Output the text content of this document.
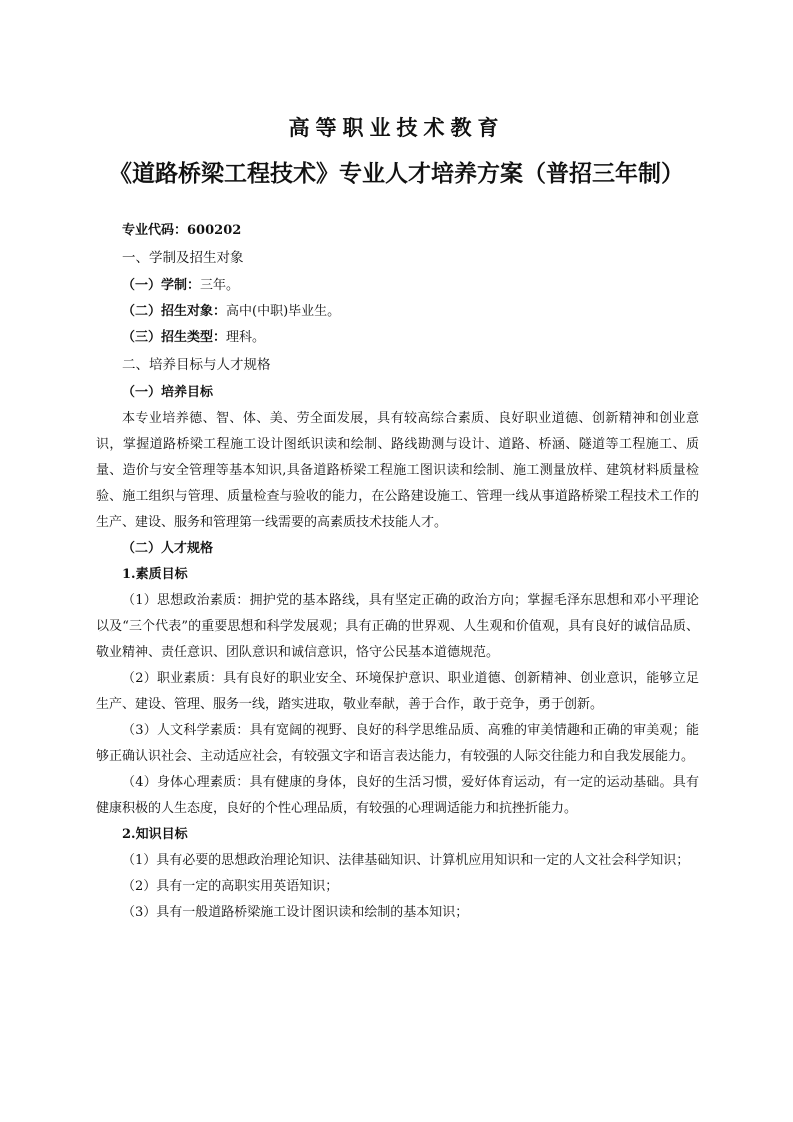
高等职业技术教育
《道路桥梁工程技术》专业人才培养方案（普招三年制）

专业代码：600202

一、学制及招生对象

（一）学制：三年。

（二）招生对象：高中(中职)毕业生。

（三）招生类型：理科。

二、培养目标与人才规格

（一）培养目标

本专业培养德、智、体、美、劳全面发展，具有较高综合素质、良好职业道德、创新精神和创业意识，掌握道路桥梁工程施工设计图纸识读和绘制、路线勘测与设计、道路、桥涵、隧道等工程施工、质量、造价与安全管理等基本知识,具备道路桥梁工程施工图识读和绘制、施工测量放样、建筑材料质量检验、施工组织与管理、质量检查与验收的能力，在公路建设施工、管理一线从事道路桥梁工程技术工作的生产、建设、服务和管理第一线需要的高素质技术技能人才。

（二）人才规格

1.素质目标

（1）思想政治素质：拥护党的基本路线，具有坚定正确的政治方向；掌握毛泽东思想和邓小平理论以及“三个代表”的重要思想和科学发展观；具有正确的世界观、人生观和价值观，具有良好的诚信品质、敬业精神、责任意识、团队意识和诚信意识，恪守公民基本道德规范。

（2）职业素质：具有良好的职业安全、环境保护意识、职业道德、创新精神、创业意识，能够立足生产、建设、管理、服务一线，踏实进取，敬业奉献，善于合作，敢于竞争，勇于创新。

（3）人文科学素质：具有宽阔的视野、良好的科学思维品质、高雅的审美情趣和正确的审美观；能够正确认识社会、主动适应社会，有较强文字和语言表达能力，有较强的人际交往能力和自我发展能力。

（4）身体心理素质：具有健康的身体，良好的生活习惯，爱好体育运动，有一定的运动基础。具有健康积极的人生态度，良好的个性心理品质，有较强的心理调适能力和抗挫折能力。

2.知识目标

（1）具有必要的思想政治理论知识、法律基础知识、计算机应用知识和一定的人文社会科学知识；

（2）具有一定的高职实用英语知识；

（3）具有一般道路桥梁施工设计图识读和绘制的基本知识；
